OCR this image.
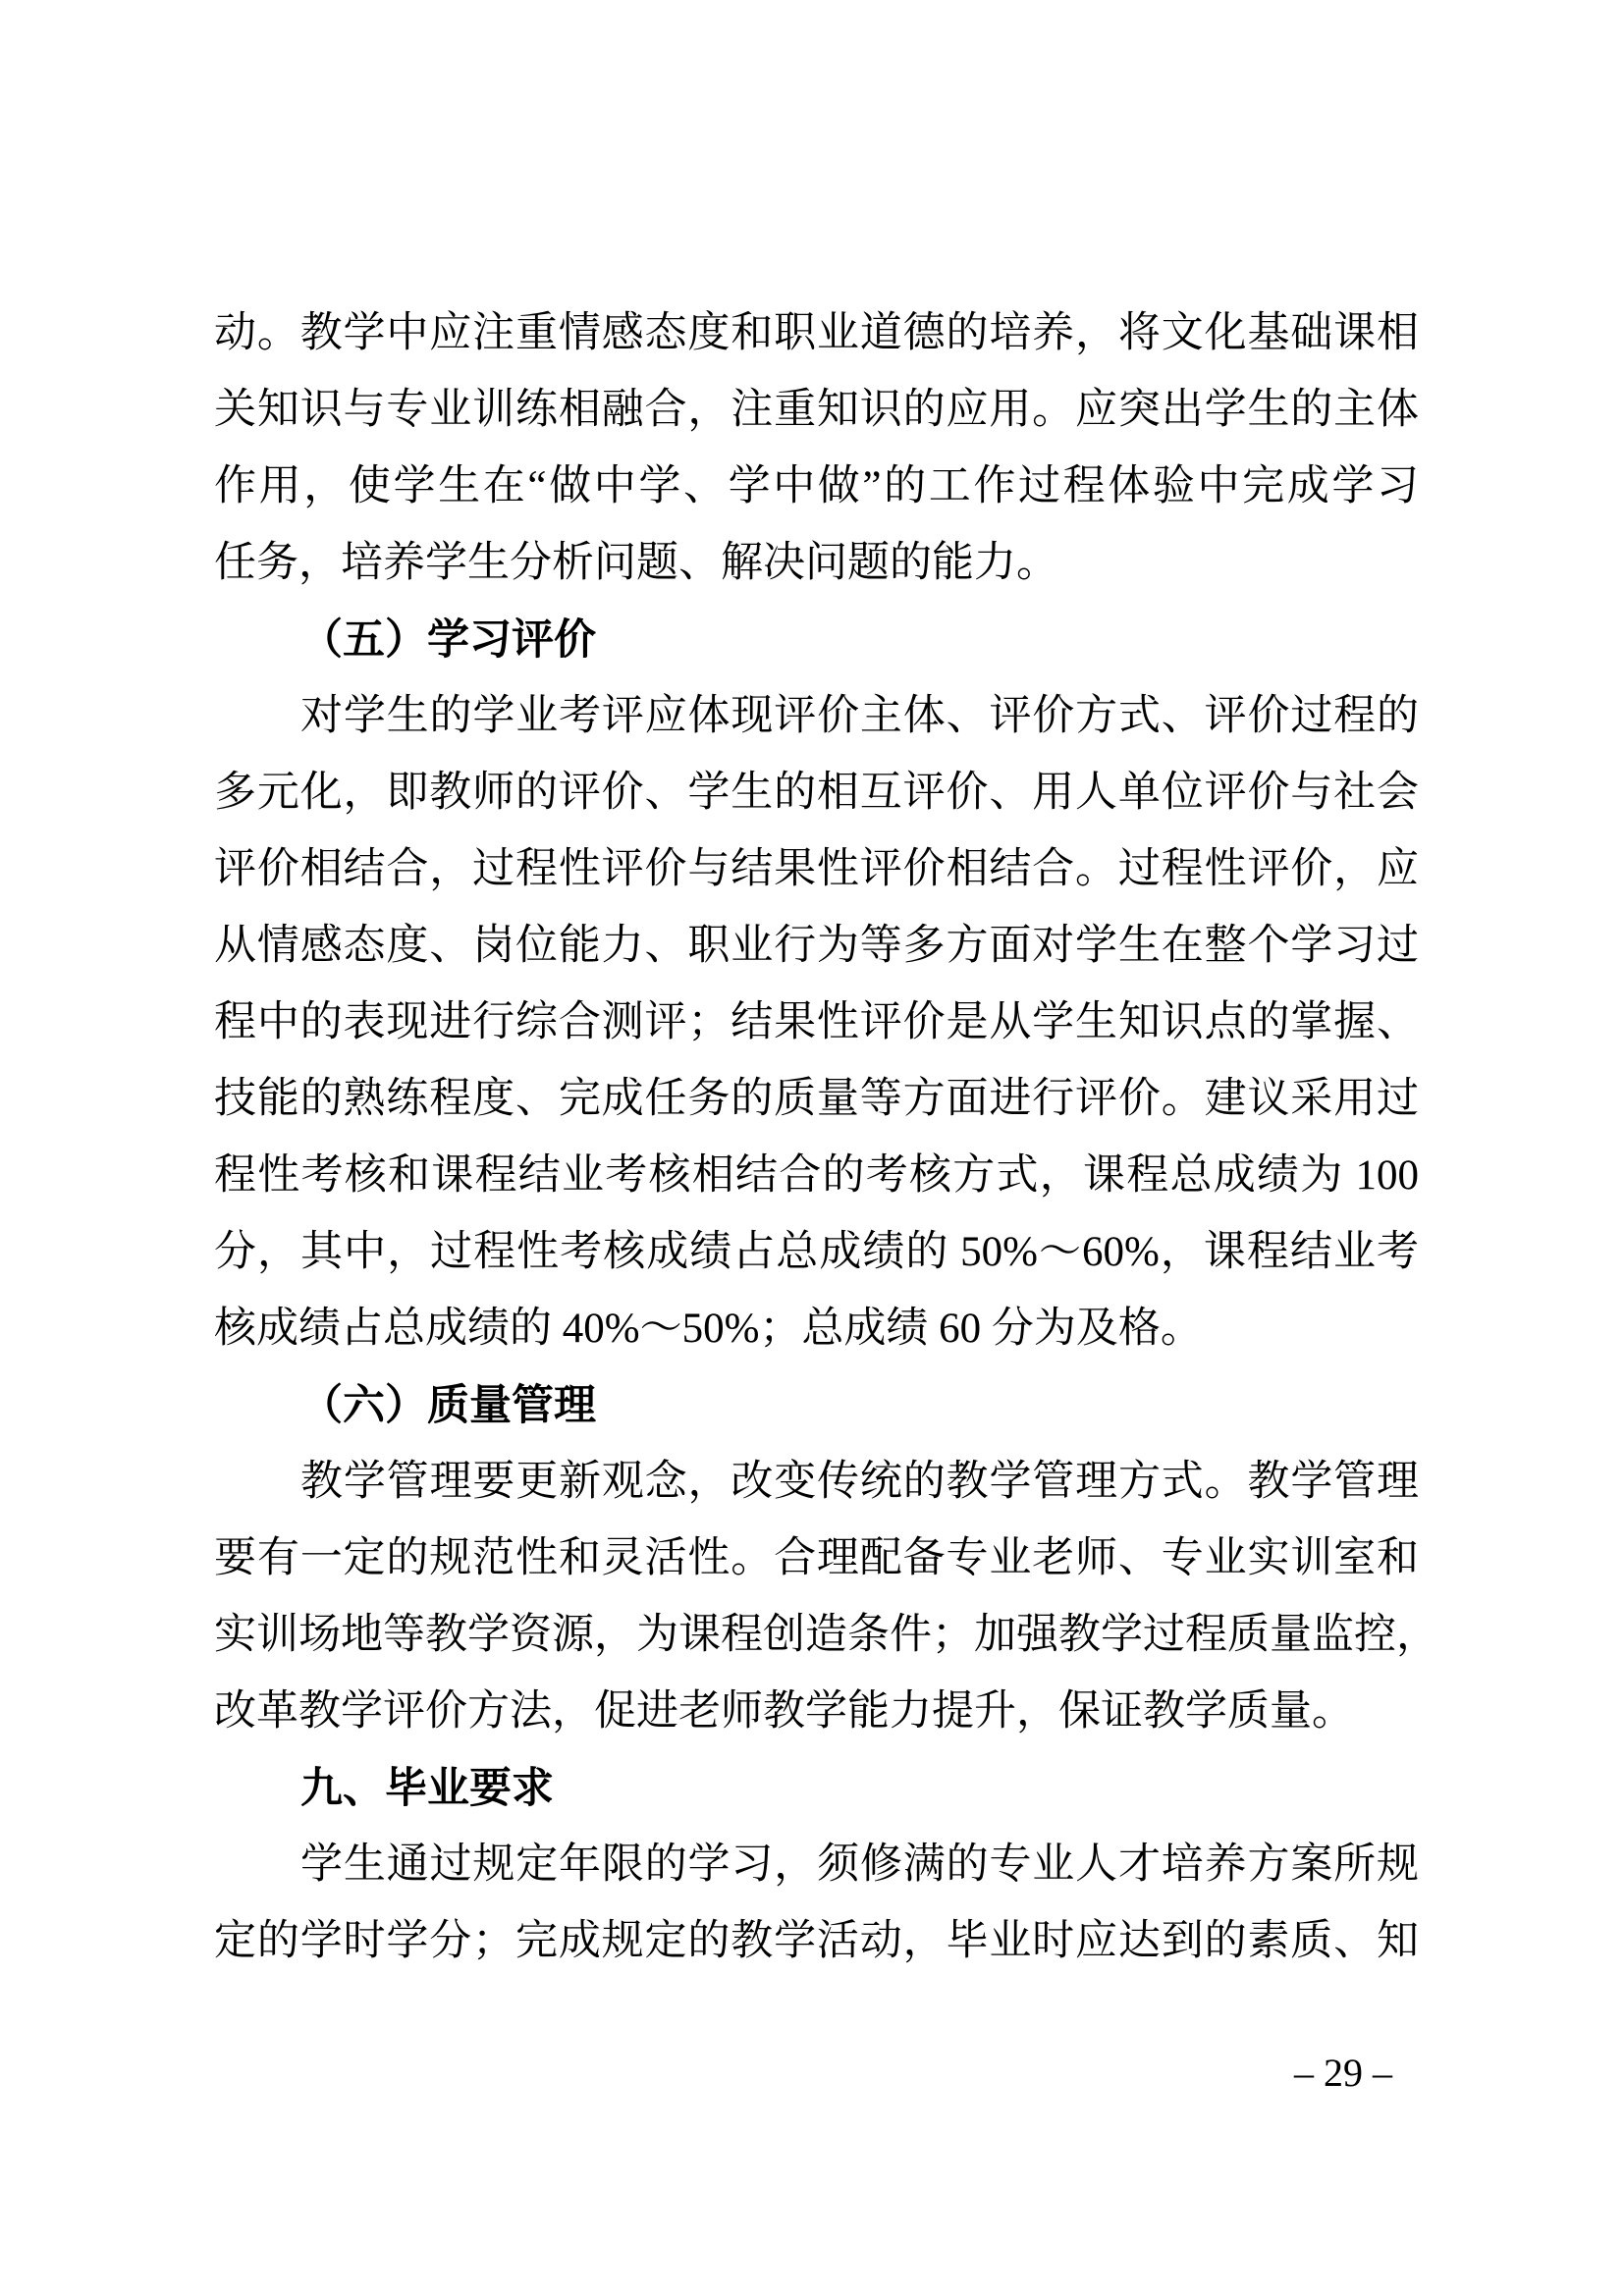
动。教学中应注重情感态度和职业道德的培养，将文化基础课相
关知识与专业训练相融合，注重知识的应用。应突出学生的主体
作用，使学生在“做中学、学中做”的工作过程体验中完成学习
任务，培养学生分析问题、解决问题的能力。
（五）学习评价
对学生的学业考评应体现评价主体、评价方式、评价过程的
多元化，即教师的评价、学生的相互评价、用人单位评价与社会
评价相结合，过程性评价与结果性评价相结合。过程性评价，应
从情感态度、岗位能力、职业行为等多方面对学生在整个学习过
程中的表现进行综合测评；结果性评价是从学生知识点的掌握、
技能的熟练程度、完成任务的质量等方面进行评价。建议采用过
程性考核和课程结业考核相结合的考核方式，课程总成绩为 100
分，其中，过程性考核成绩占总成绩的 50%～60%，课程结业考
核成绩占总成绩的 40%～50%；总成绩 60 分为及格。
（六）质量管理
教学管理要更新观念，改变传统的教学管理方式。教学管理
要有一定的规范性和灵活性。合理配备专业老师、专业实训室和
实训场地等教学资源，为课程创造条件；加强教学过程质量监控，
改革教学评价方法，促进老师教学能力提升，保证教学质量。
九、毕业要求
学生通过规定年限的学习，须修满的专业人才培养方案所规
定的学时学分；完成规定的教学活动，毕业时应达到的素质、知
– 29 –
